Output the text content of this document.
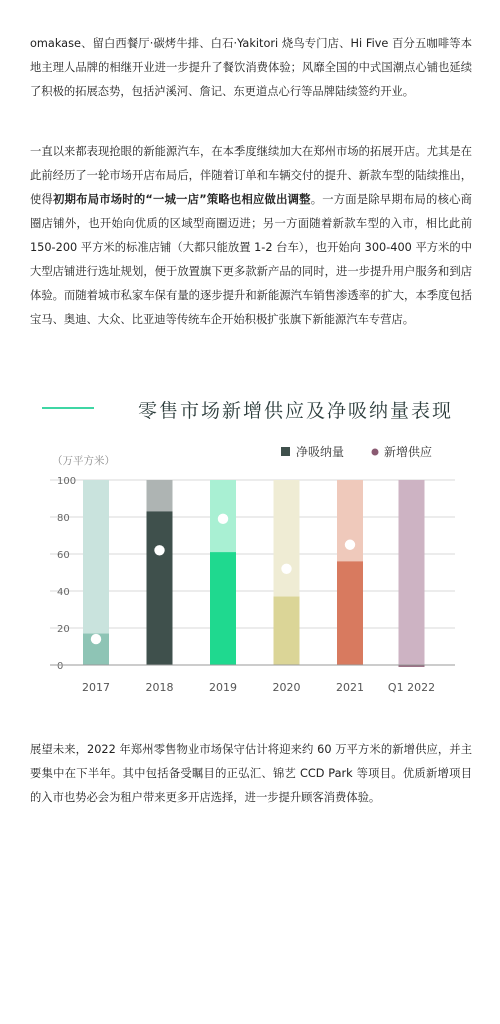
omakase、留白西餐厅·碳烤牛排、白石·Yakitori 烧鸟专门店、Hi Five 百分五咖啡等本地主理人品牌的相继开业进一步提升了餐饮消费体验；风靡全国的中式国潮点心铺也延续了积极的拓展态势，包括泸溪河、詹记、东更道点心行等品牌陆续签约开业。

一直以来都表现抢眼的新能源汽车，在本季度继续加大在郑州市场的拓展开店。尤其是在此前经历了一轮市场开店布局后，伴随着订单和车辆交付的提升、新款车型的陆续推出，使得初期布局市场时的“一城一店”策略也相应做出调整。一方面是除早期布局的核心商圈店铺外，也开始向优质的区域型商圈迈进；另一方面随着新款车型的入市，相比此前 150-200 平方米的标准店铺（大都只能放置 1-2 台车），也开始向 300-400 平方米的中大型店铺进行选址规划，便于放置旗下更多款新产品的同时，进一步提升用户服务和到店体验。而随着城市私家车保有量的逐步提升和新能源汽车销售渗透率的扩大，本季度包括宝马、奥迪、大众、比亚迪等传统车企开始积极扩张旗下新能源汽车专营店。

零售市场新增供应及净吸纳量表现
（万平方米）
净吸纳量	新增供应
0
20
40
60
80
100
2017	2018	2019	2020	2021 Q1 2022

展望未来，2022 年郑州零售物业市场保守估计将迎来约 60 万平方米的新增供应，并主要集中在下半年。其中包括备受瞩目的正弘汇、锦艺 CCD Park 等项目。优质新增项目的入市也势必会为租户带来更多开店选择，进一步提升顾客消费体验。
